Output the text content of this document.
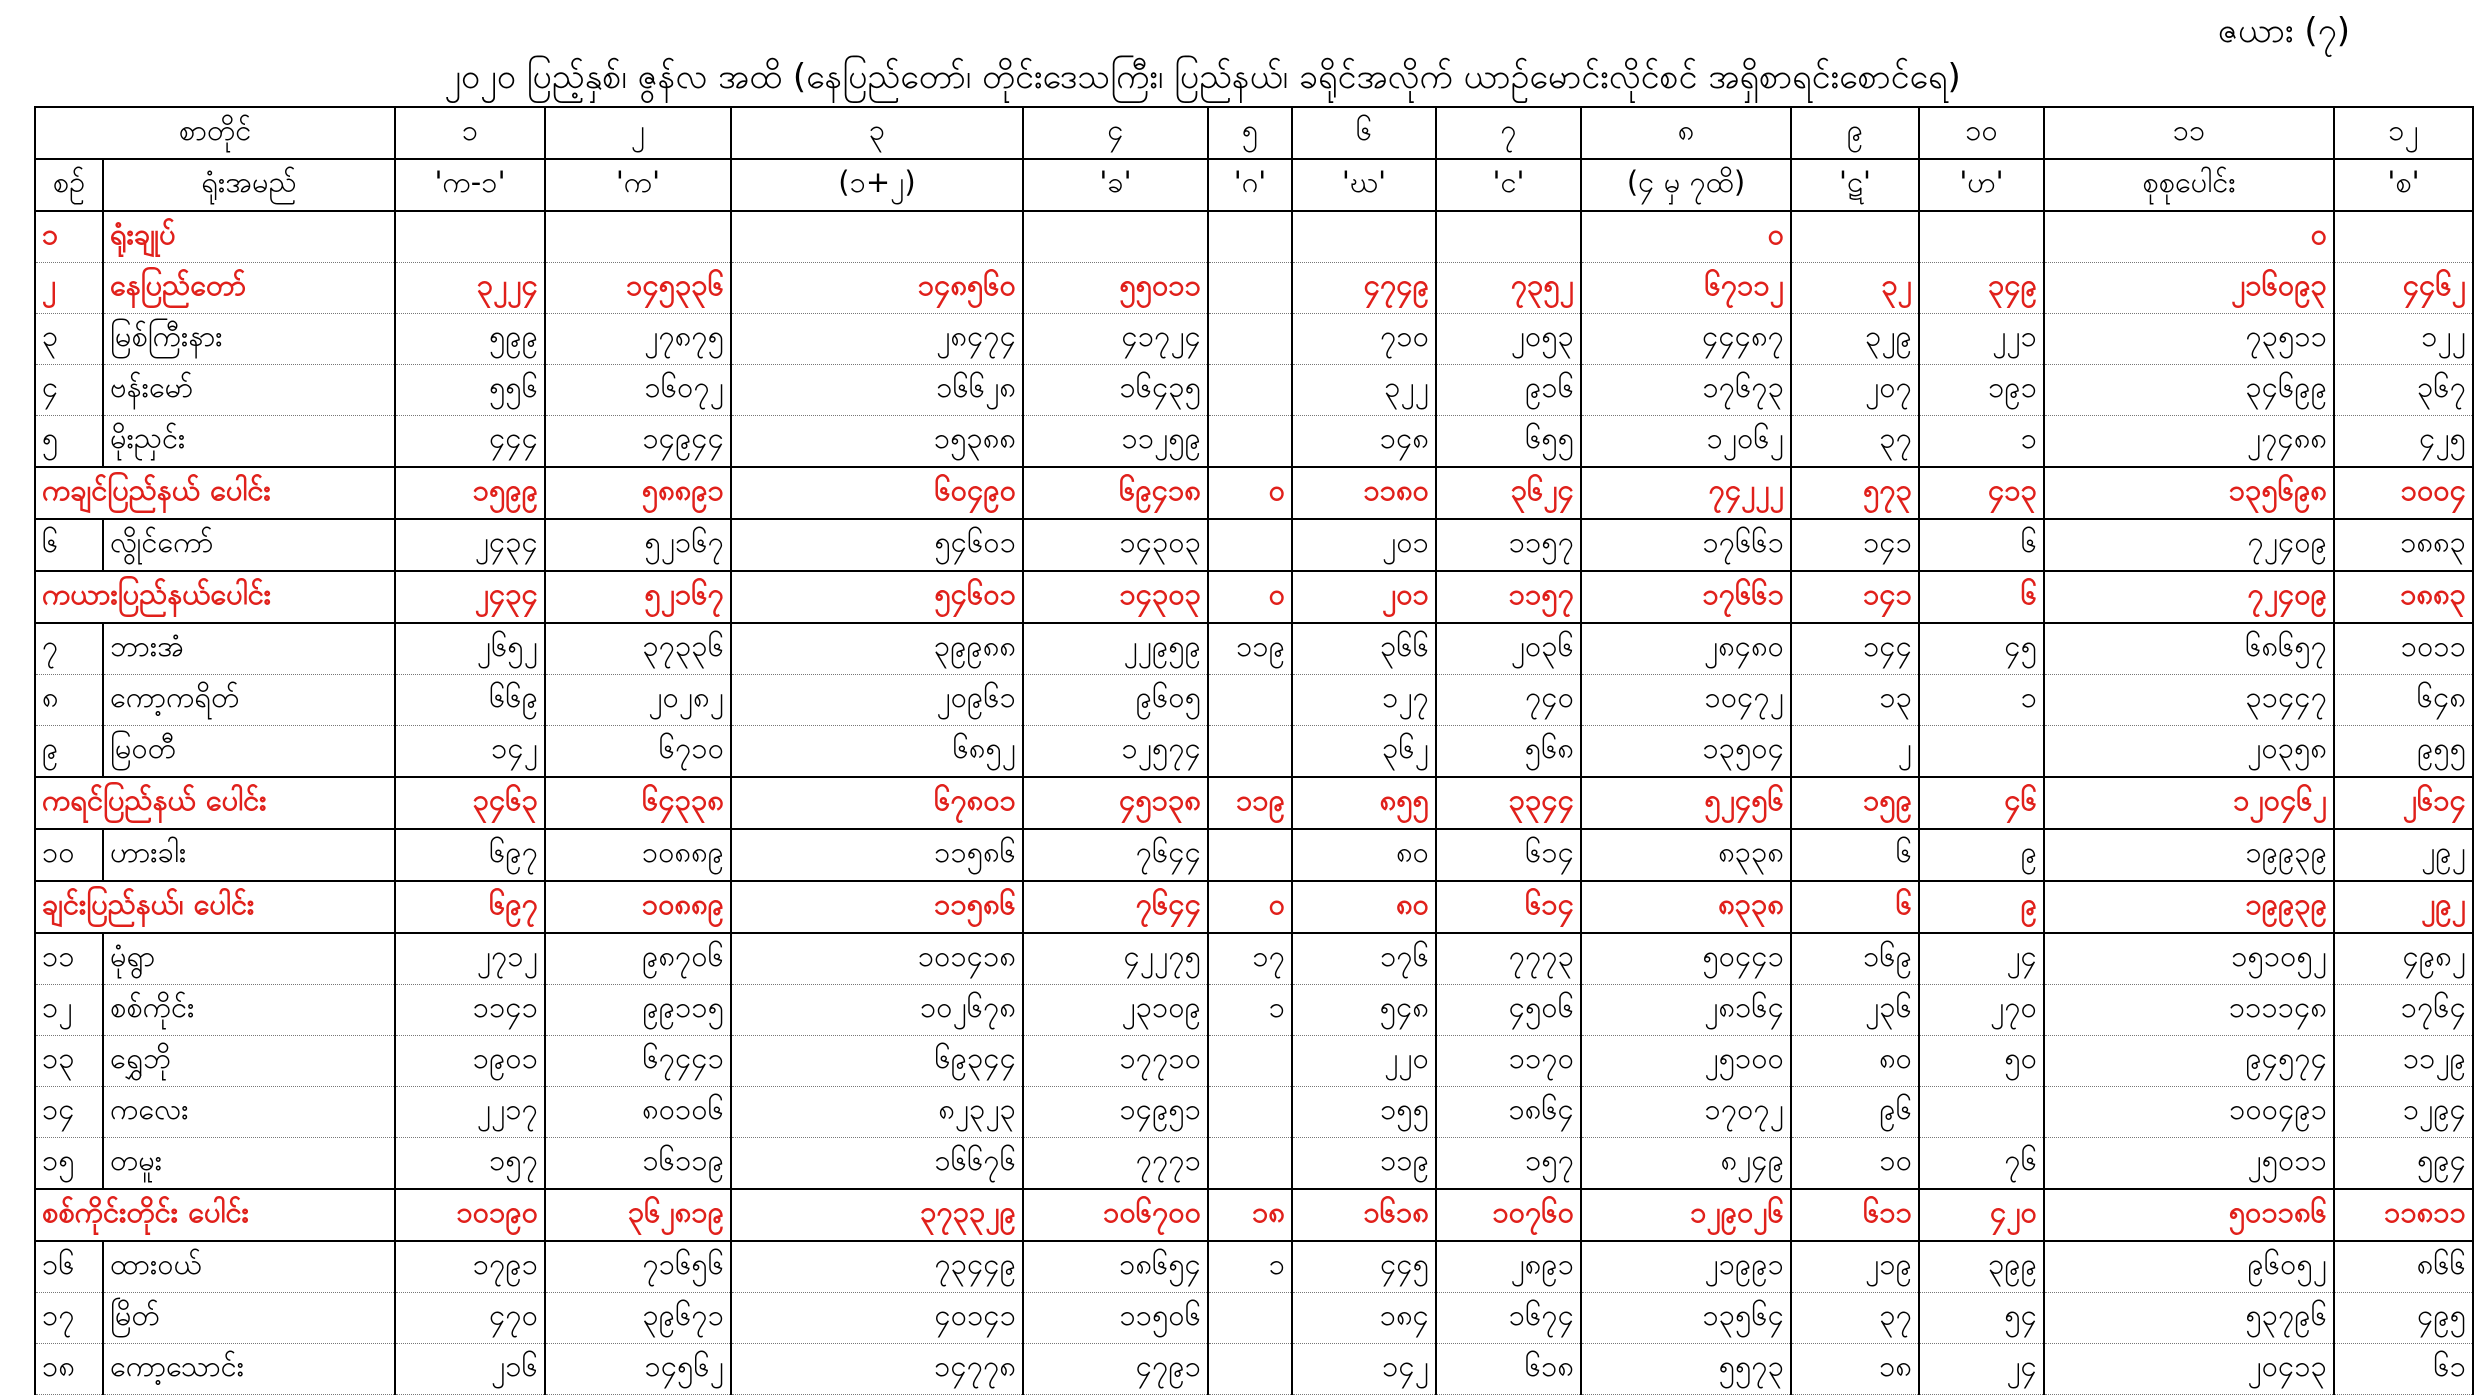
ဇယား (၇)
၂၀၂၀ ပြည့်နှစ်၊ ဇွန်လ အထိ (နေပြည်တော်၊ တိုင်းဒေသကြီး၊ ပြည်နယ်၊ ခရိုင်အလိုက် ယာဉ်မောင်းလိုင်စင် အရှိစာရင်းစောင်ရေ)
စာတိုင်		၁	၂	၃	၄	၅	၆	၇	၈	၉	၁၀	၁၁	၁၂
စဉ်	ရုံးအမည်	'က-၁'	'က'	(၁+၂)	'ခ'	'ဂ'	'ဃ'	'င'	(၄ မှ ၇ထိ)	'ဋ'	'ဟ'	စုစုပေါင်း	'စ'
၁	ရုံးချုပ်								၀			၀	
၂	နေပြည်တော်	၃၂၂၄	၁၄၅၃၃၆	၁၄၈၅၆၀	၅၅၀၁၁		၄၇၄၉	၇၃၅၂	၆၇၁၁၂	၃၂	၃၄၉	၂၁၆၀၉၃	၄၄၆၂
၃	မြစ်ကြီးနား	၅၉၉	၂၇၈၇၅	၂၈၄၇၄	၄၁၇၂၄		၇၁၀	၂၀၅၃	၄၄၄၈၇	၃၂၉	၂၂၁	၇၃၅၁၁	၁၂၂
၄	ဗန်းမော်	၅၅၆	၁၆၀၇၂	၁၆၆၂၈	၁၆၄၃၅		၃၂၂	၉၁၆	၁၇၆၇၃	၂၀၇	၁၉၁	၃၄၆၉၉	၃၆၇
၅	မိုးညှင်း	၄၄၄	၁၄၉၄၄	၁၅၃၈၈	၁၁၂၅၉		၁၄၈	၆၅၅	၁၂၀၆၂	၃၇	၁	၂၇၄၈၈	၄၂၅
ကချင်ပြည်နယ် ပေါင်း		၁၅၉၉	၅၈၈၉၁	၆၀၄၉၀	၆၉၄၁၈	၀	၁၁၈၀	၃၆၂၄	၇၄၂၂၂	၅၇၃	၄၁၃	၁၃၅၆၉၈	၁၀၀၄
၆	လွိုင်ကော်	၂၄၃၄	၅၂၁၆၇	၅၄၆၀၁	၁၄၃၀၃		၂၀၁	၁၁၅၇	၁၇၆၆၁	၁၄၁	၆	၇၂၄၀၉	၁၈၈၃
ကယားပြည်နယ်ပေါင်း		၂၄၃၄	၅၂၁၆၇	၅၄၆၀၁	၁၄၃၀၃	၀	၂၀၁	၁၁၅၇	၁၇၆၆၁	၁၄၁	၆	၇၂၄၀၉	၁၈၈၃
၇	ဘားအံ	၂၆၅၂	၃၇၃၃၆	၃၉၉၈၈	၂၂၉၅၉	၁၁၉	၃၆၆	၂၀၃၆	၂၈၄၈၀	၁၄၄	၄၅	၆၈၆၅၇	၁၀၁၁
၈	ကော့ကရိတ်	၆၆၉	၂၀၂၈၂	၂၀၉၆၁	၉၆၀၅		၁၂၇	၇၄၀	၁၀၄၇၂	၁၃	၁	၃၁၄၄၇	၆၄၈
၉	မြဝတီ	၁၄၂	၆၇၁၀	၆၈၅၂	၁၂၅၇၄		၃၆၂	၅၆၈	၁၃၅၀၄	၂		၂၀၃၅၈	၉၅၅
ကရင်ပြည်နယ် ပေါင်း		၃၄၆၃	၆၄၃၃၈	၆၇၈၀၁	၄၅၁၃၈	၁၁၉	၈၅၅	၃၃၄၄	၅၂၄၅၆	၁၅၉	၄၆	၁၂၀၄၆၂	၂၆၁၄
၁၀	ဟားခါး	၆၉၇	၁၀၈၈၉	၁၁၅၈၆	၇၆၄၄		၈၀	၆၁၄	၈၃၃၈	၆	၉	၁၉၉၃၉	၂၉၂
ချင်းပြည်နယ်၊ ပေါင်း		၆၉၇	၁၀၈၈၉	၁၁၅၈၆	၇၆၄၄	၀	၈၀	၆၁၄	၈၃၃၈	၆	၉	၁၉၉၃၉	၂၉၂
၁၁	မုံရွာ	၂၇၁၂	၉၈၇၀၆	၁၀၁၄၁၈	၄၂၂၇၅	၁၇	၁၇၆	၇၇၇၃	၅၀၄၄၁	၁၆၉	၂၄	၁၅၁၀၅၂	၄၉၈၂
၁၂	စစ်ကိုင်း	၁၁၄၁	၉၉၁၁၅	၁၀၂၆၇၈	၂၃၁၀၉	၁	၅၄၈	၄၅၀၆	၂၈၁၆၄	၂၃၆	၂၇၀	၁၁၁၁၄၈	၁၇၆၄
၁၃	ရွှေဘို	၁၉၀၁	၆၇၄၄၁	၆၉၃၄၄	၁၇၇၁၀		၂၂၀	၁၁၇၀	၂၅၁၀၀	၈၀	၅၀	၉၄၅၇၄	၁၁၂၉
၁၄	ကလေး	၂၂၁၇	၈၀၁၀၆	၈၂၃၂၃	၁၄၉၅၁		၁၅၅	၁၈၆၄	၁၇၀၇၂	၉၆		၁၀၀၄၉၁	၁၂၉၄
၁၅	တမူး	၁၅၇	၁၆၁၁၉	၁၆၆၇၆	၇၇၇၁		၁၁၉	၁၅၇	၈၂၄၉	၁၀	၇၆	၂၅၀၁၁	၅၉၄
စစ်ကိုင်းတိုင်း ပေါင်း		၁၀၁၉၀	၃၆၂၈၁၉	၃၇၃၃၂၉	၁၀၆၇၀၀	၁၈	၁၆၁၈	၁၀၇၆၀	၁၂၉၀၂၆	၆၁၁	၄၂၀	၅၀၁၁၈၆	၁၁၈၁၁
၁၆	ထားဝယ်	၁၇၉၁	၇၁၆၅၆	၇၃၄၄၉	၁၈၆၅၄	၁	၄၄၅	၂၈၉၁	၂၁၉၉၁	၂၁၉	၃၉၉	၉၆၀၅၂	၈၆၆
၁၇	မြိတ်	၄၇၀	၃၉၆၇၁	၄၀၁၄၁	၁၁၅၀၆		၁၈၄	၁၆၇၄	၁၃၅၆၄	၃၇	၅၄	၅၃၇၉၆	၄၉၅
၁၈	ကော့သောင်း	၂၁၆	၁၄၅၆၂	၁၄၇၇၈	၄၇၉၁		၁၄၂	၆၁၈	၅၅၇၃	၁၈	၂၄	၂၀၄၁၃	၆၁
